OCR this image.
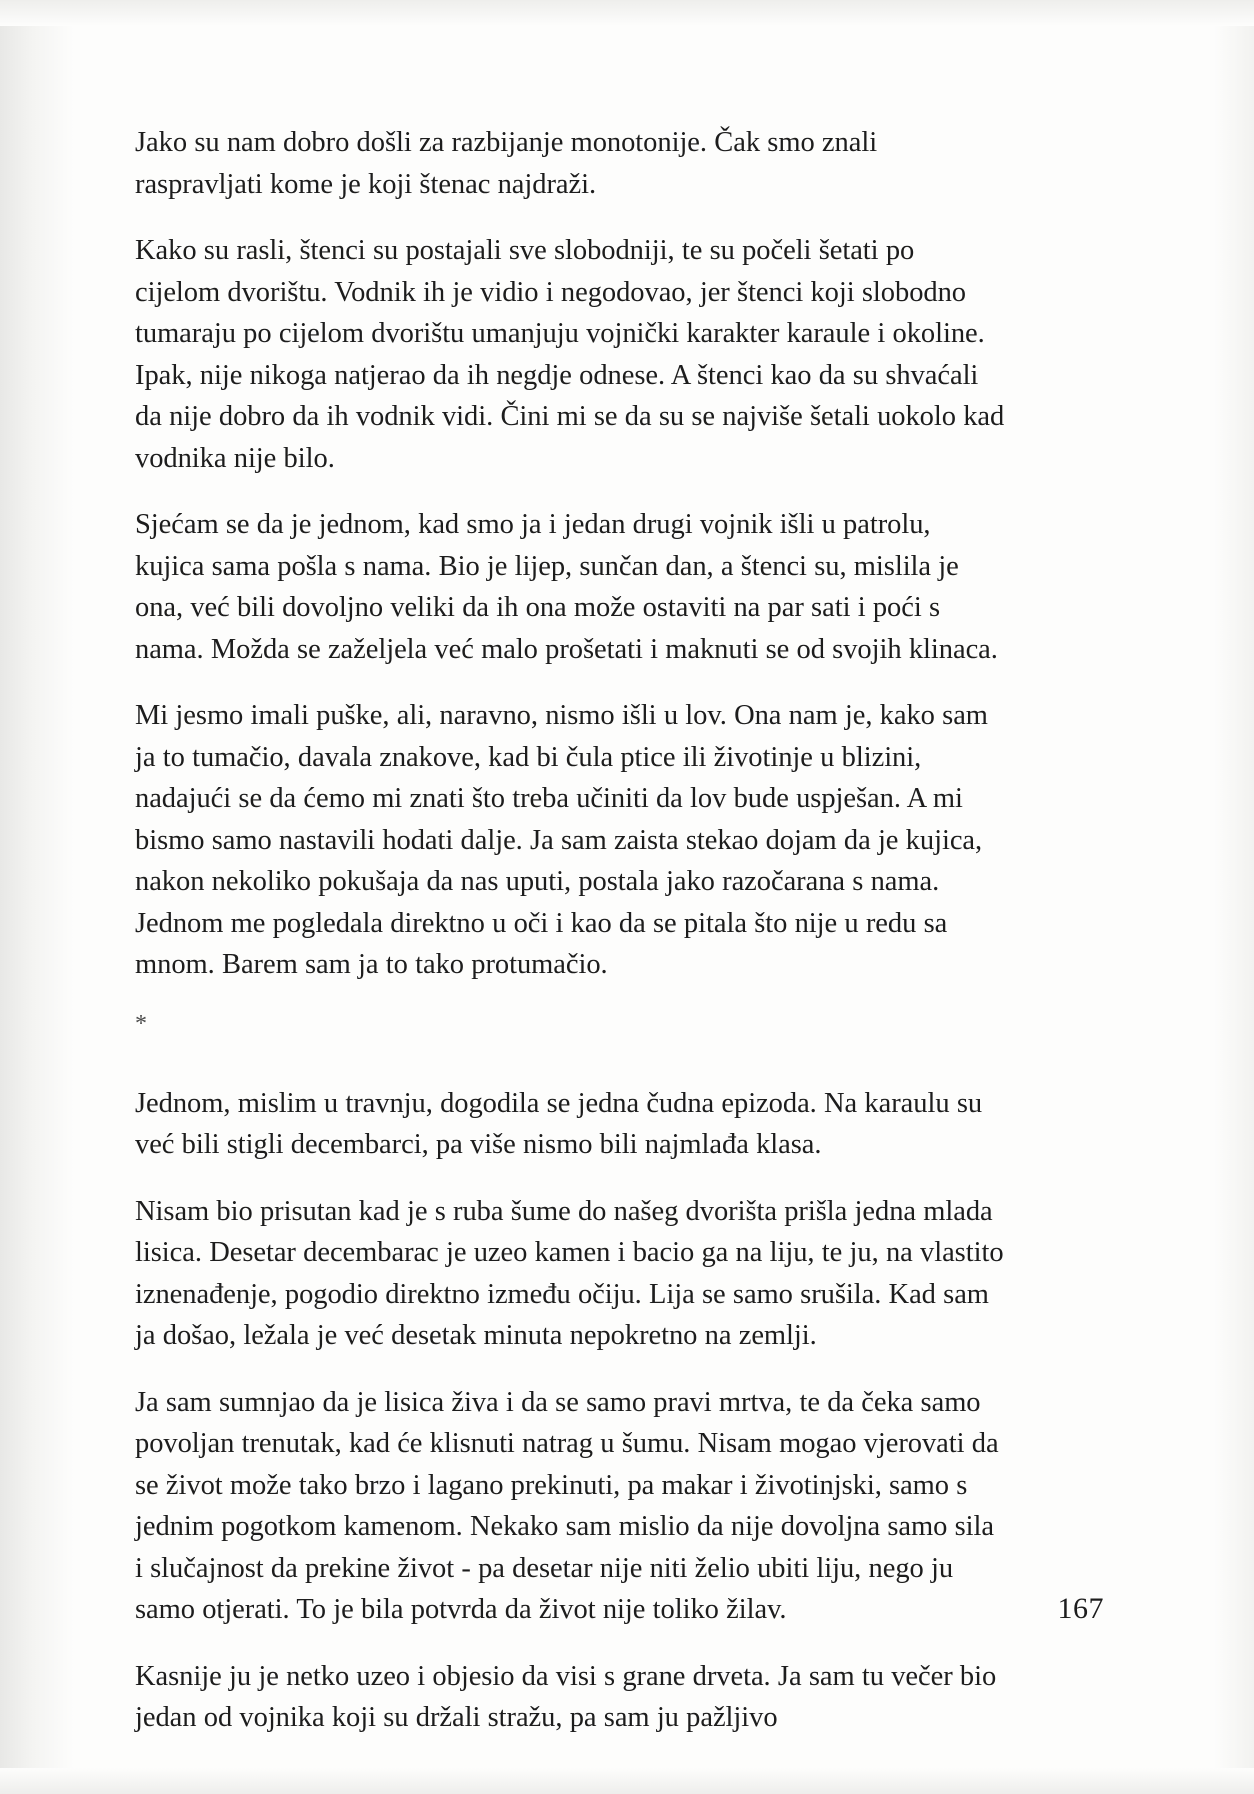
Jako su nam dobro došli za razbijanje monotonije. Čak smo znali raspravljati kome je koji štenac najdraži.

Kako su rasli, štenci su postajali sve slobodniji, te su počeli šetati po cijelom dvorištu. Vodnik ih je vidio i negodovao, jer štenci koji slobodno tumaraju po cijelom dvorištu umanjuju vojnički karakter karaule i okoline. Ipak, nije nikoga natjerao da ih negdje odnese. A štenci kao da su shvaćali da nije dobro da ih vodnik vidi. Čini mi se da su se najviše šetali uokolo kad vodnika nije bilo.

Sjećam se da je jednom, kad smo ja i jedan drugi vojnik išli u patrolu, kujica sama pošla s nama. Bio je lijep, sunčan dan, a štenci su, mislila je ona, već bili dovoljno veliki da ih ona može ostaviti na par sati i poći s nama. Možda se zaželjela već malo prošetati i maknuti se od svojih klinaca.

Mi jesmo imali puške, ali, naravno, nismo išli u lov. Ona nam je, kako sam ja to tumačio, davala znakove, kad bi čula ptice ili životinje u blizini, nadajući se da ćemo mi znati što treba učiniti da lov bude uspješan. A mi bismo samo nastavili hodati dalje. Ja sam zaista stekao dojam da je kujica, nakon nekoliko pokušaja da nas uputi, postala jako razočarana s nama. Jednom me pogledala direktno u oči i kao da se pitala što nije u redu sa mnom. Barem sam ja to tako protumačio.

*

Jednom, mislim u travnju, dogodila se jedna čudna epizoda. Na karaulu su već bili stigli decembarci, pa više nismo bili najmlađa klasa.

Nisam bio prisutan kad je s ruba šume do našeg dvorišta prišla jedna mlada lisica. Desetar decembarac je uzeo kamen i bacio ga na liju, te ju, na vlastito iznenađenje, pogodio direktno između očiju. Lija se samo srušila. Kad sam ja došao, ležala je već desetak minuta nepokretno na zemlji.

Ja sam sumnjao da je lisica živa i da se samo pravi mrtva, te da čeka samo povoljan trenutak, kad će klisnuti natrag u šumu. Nisam mogao vjerovati da se život može tako brzo i lagano prekinuti, pa makar i životinjski, samo s jednim pogotkom kamenom. Nekako sam mislio da nije dovoljna samo sila i slučajnost da prekine život - pa desetar nije niti želio ubiti liju, nego ju samo otjerati. To je bila potvrda da život nije toliko žilav.

Kasnije ju je netko uzeo i objesio da visi s grane drveta. Ja sam tu večer bio jedan od vojnika koji su držali stražu, pa sam ju pažljivo

167
